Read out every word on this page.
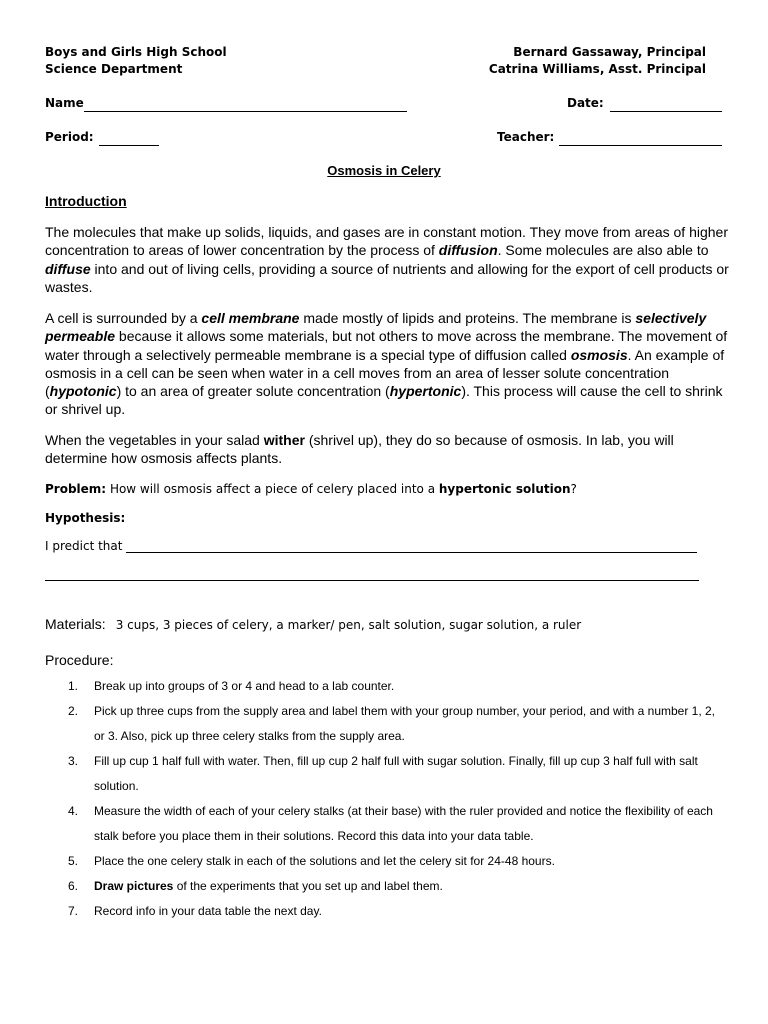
Boys and Girls High School
Science Department
Bernard Gassaway, Principal
Catrina Williams, Asst. Principal
Name	Date:
Period:	Teacher:
Osmosis in Celery
Introduction
The molecules that make up solids, liquids, and gases are in constant motion. They move from areas of higher concentration to areas of lower concentration by the process of diffusion. Some molecules are also able to diffuse into and out of living cells, providing a source of nutrients and allowing for the export of cell products or wastes.
A cell is surrounded by a cell membrane made mostly of lipids and proteins. The membrane is selectively permeable because it allows some materials, but not others to move across the membrane. The movement of water through a selectively permeable membrane is a special type of diffusion called osmosis. An example of osmosis in a cell can be seen when water in a cell moves from an area of lesser solute concentration (hypotonic) to an area of greater solute concentration (hypertonic). This process will cause the cell to shrink or shrivel up.
When the vegetables in your salad wither (shrivel up), they do so because of osmosis. In lab, you will determine how osmosis affects plants.
Problem: How will osmosis affect a piece of celery placed into a hypertonic solution?
Hypothesis:
I predict that
Materials: 3 cups, 3 pieces of celery, a marker/ pen, salt solution, sugar solution, a ruler
Procedure:
1. Break up into groups of 3 or 4 and head to a lab counter.
2. Pick up three cups from the supply area and label them with your group number, your period, and with a number 1, 2, or 3. Also, pick up three celery stalks from the supply area.
3. Fill up cup 1 half full with water. Then, fill up cup 2 half full with sugar solution. Finally, fill up cup 3 half full with salt solution.
4. Measure the width of each of your celery stalks (at their base) with the ruler provided and notice the flexibility of each stalk before you place them in their solutions. Record this data into your data table.
5. Place the one celery stalk in each of the solutions and let the celery sit for 24-48 hours.
6. Draw pictures of the experiments that you set up and label them.
7. Record info in your data table the next day.
